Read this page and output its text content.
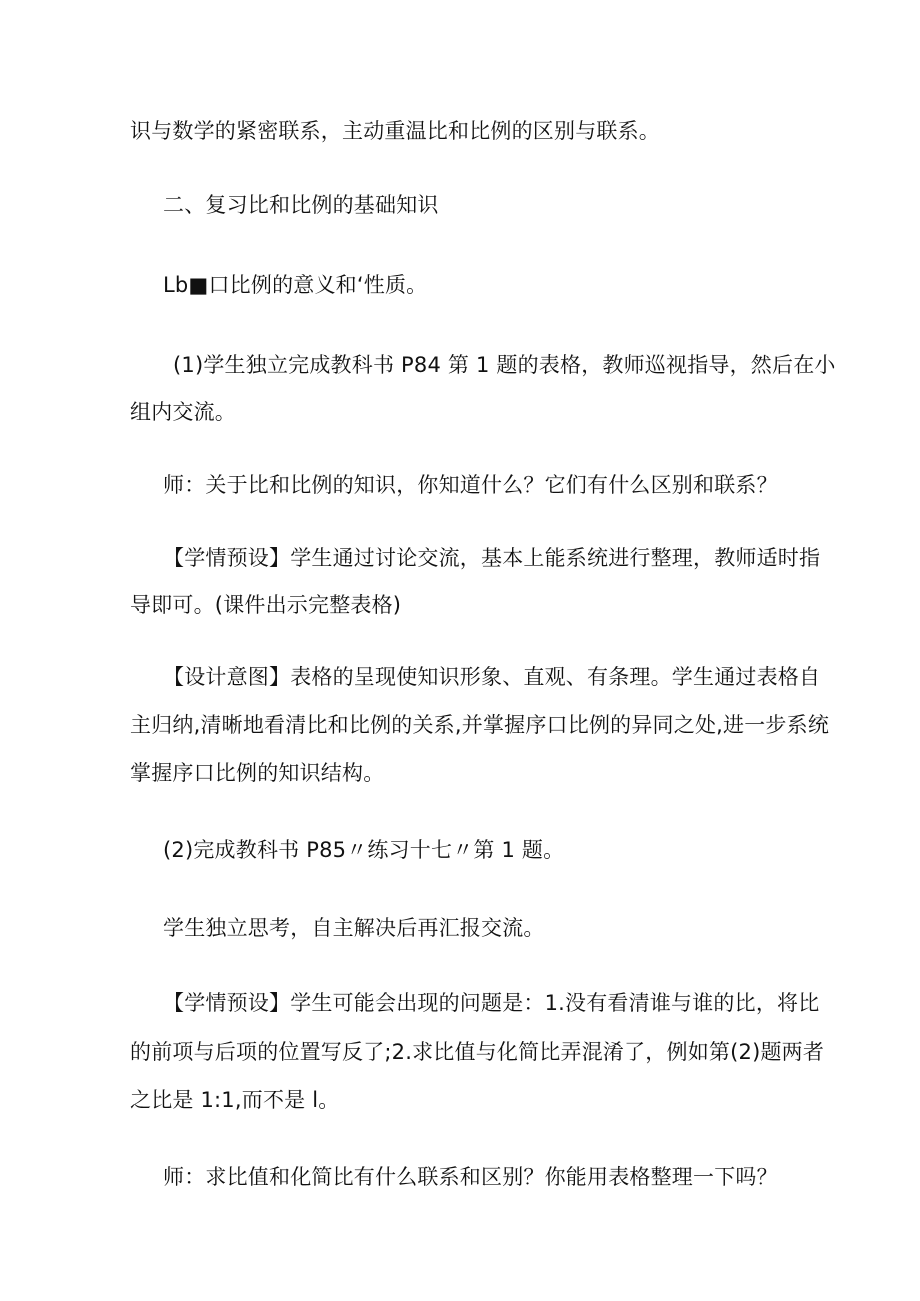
识与数学的紧密联系，主动重温比和比例的区别与联系。
二、复习比和比例的基础知识
Lb■口比例的意义和‘性质。
(1)学生独立完成教科书 P84 第 1 题的表格，教师巡视指导，然后在小
组内交流。
师：关于比和比例的知识，你知道什么？它们有什么区别和联系？
【学情预设】学生通过讨论交流，基本上能系统进行整理，教师适时指
导即可。(课件出示完整表格)
【设计意图】表格的呈现使知识形象、直观、有条理。学生通过表格自
主归纳,清晰地看清比和比例的关系,并掌握序口比例的异同之处,进一步系统
掌握序口比例的知识结构。
(2)完成教科书 P85〃练习十七〃第 1 题。
学生独立思考，自主解决后再汇报交流。
【学情预设】学生可能会出现的问题是：1.没有看清谁与谁的比，将比
的前项与后项的位置写反了;2.求比值与化简比弄混淆了，例如第(2)题两者
之比是 1:1,而不是 l。
师：求比值和化简比有什么联系和区别？你能用表格整理一下吗？
